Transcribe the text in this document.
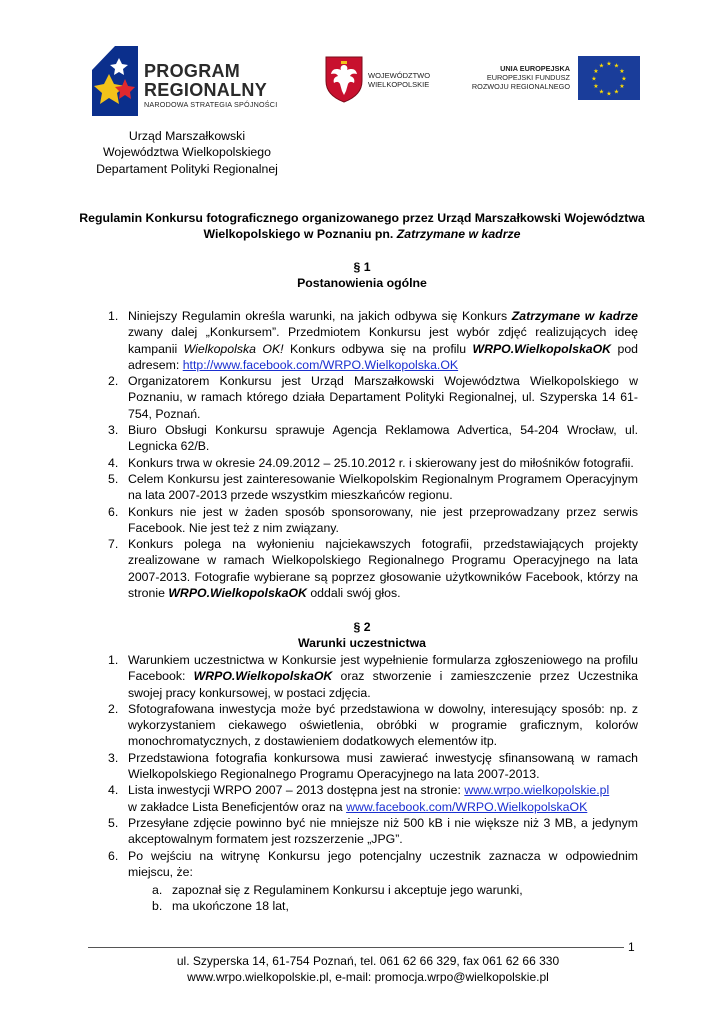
PROGRAM
REGIONALNY
NARODOWA STRATEGIA SPÓJNOŚCI
WOJEWÓDZTWO
WIELKOPOLSKIE
UNIA EUROPEJSKA
EUROPEJSKI FUNDUSZ
ROZWOJU REGIONALNEGO
★ ★
★
★
★
★
★
★
★
★
★
★
Urząd Marszałkowski
Województwa Wielkopolskiego
Departament Polityki Regionalnej
Regulamin Konkursu fotograficznego organizowanego przez Urząd Marszałkowski Województwa
Wielkopolskiego w Poznaniu pn. Zatrzymane w kadrze
§ 1
Postanowienia ogólne
1. Niniejszy Regulamin określa warunki, na jakich odbywa się Konkurs Zatrzymane w kadrze zwany dalej „Konkursem”. Przedmiotem Konkursu jest wybór zdjęć realizujących ideę kampanii Wielkopolska OK! Konkurs odbywa się na profilu WRPO.WielkopolskaOK pod adresem: http://www.facebook.com/WRPO.Wielkopolska.OK
2. Organizatorem Konkursu jest Urząd Marszałkowski Województwa Wielkopolskiego w Poznaniu, w ramach którego działa Departament Polityki Regionalnej, ul. Szyperska 14 61-754, Poznań.
3. Biuro Obsługi Konkursu sprawuje Agencja Reklamowa Advertica, 54-204 Wrocław, ul. Legnicka 62/B.
4. Konkurs trwa w okresie 24.09.2012 – 25.10.2012 r. i skierowany jest do miłośników fotografii.
5. Celem Konkursu jest zainteresowanie Wielkopolskim Regionalnym Programem Operacyjnym na lata 2007-2013 przede wszystkim mieszkańców regionu.
6. Konkurs nie jest w żaden sposób sponsorowany, nie jest przeprowadzany przez serwis Facebook. Nie jest też z nim związany.
7. Konkurs polega na wyłonieniu najciekawszych fotografii, przedstawiających projekty zrealizowane w ramach Wielkopolskiego Regionalnego Programu Operacyjnego na lata 2007-2013. Fotografie wybierane są poprzez głosowanie użytkowników Facebook, którzy na stronie WRPO.WielkopolskaOK oddali swój głos.
§ 2
Warunki uczestnictwa
1. Warunkiem uczestnictwa w Konkursie jest wypełnienie formularza zgłoszeniowego na profilu Facebook: WRPO.WielkopolskaOK oraz stworzenie i zamieszczenie przez Uczestnika swojej pracy konkursowej, w postaci zdjęcia.
2. Sfotografowana inwestycja może być przedstawiona w dowolny, interesujący sposób: np. z wykorzystaniem ciekawego oświetlenia, obróbki w programie graficznym, kolorów monochromatycznych, z dostawieniem dodatkowych elementów itp.
3. Przedstawiona fotografia konkursowa musi zawierać inwestycję sfinansowaną w ramach Wielkopolskiego Regionalnego Programu Operacyjnego na lata 2007-2013.
4. Lista inwestycji WRPO 2007 – 2013 dostępna jest na stronie: www.wrpo.wielkopolskie.pl
w zakładce Lista Beneficjentów oraz na www.facebook.com/WRPO.WielkopolskaOK
5. Przesyłane zdjęcie powinno być nie mniejsze niż 500 kB i nie większe niż 3 MB, a jedynym akceptowalnym formatem jest rozszerzenie „JPG”.
6. Po wejściu na witrynę Konkursu jego potencjalny uczestnik zaznacza w odpowiednim miejscu, że:
a. zapoznał się z Regulaminem Konkursu i akceptuje jego warunki,
b. ma ukończone 18 lat,
1
ul. Szyperska 14, 61-754 Poznań, tel. 061 62 66 329, fax 061 62 66 330
www.wrpo.wielkopolskie.pl, e-mail: promocja.wrpo@wielkopolskie.pl
